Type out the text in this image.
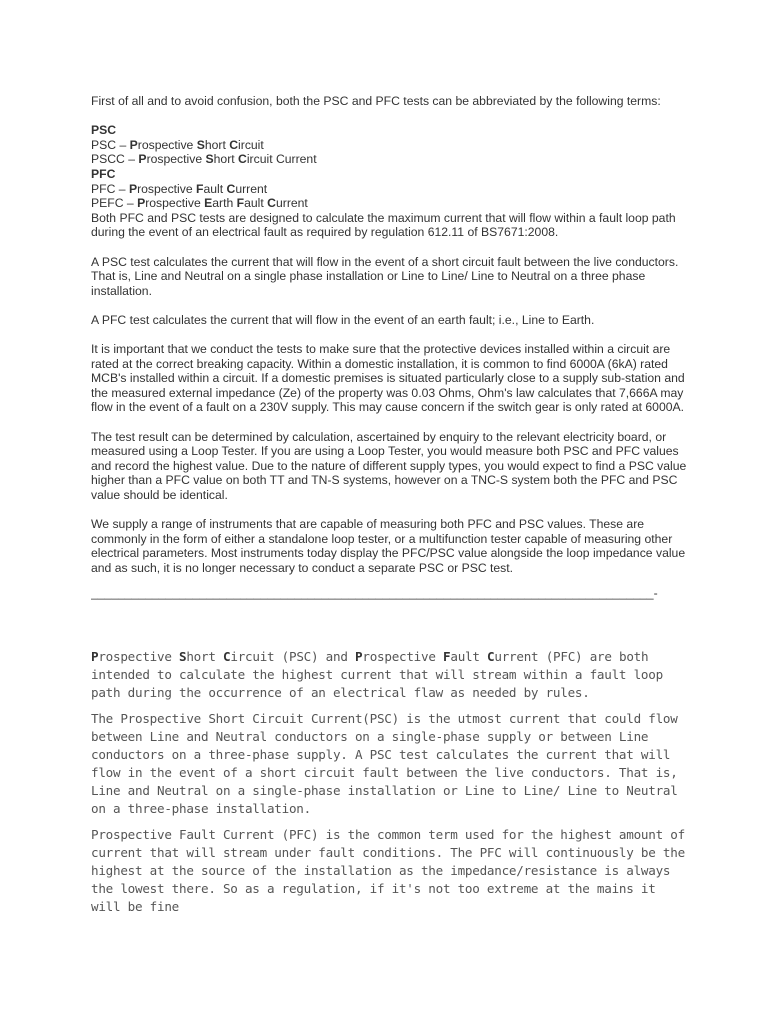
First of all and to avoid confusion, both the PSC and PFC tests can be abbreviated by the following terms:

PSC

PSC – Prospective Short Circuit

PSCC – Prospective Short Circuit Current

PFC

PFC – Prospective Fault Current

PEFC – Prospective Earth Fault Current

Both PFC and PSC tests are designed to calculate the maximum current that will flow within a fault loop path during the event of an electrical fault as required by regulation 612.11 of BS7671:2008.

A PSC test calculates the current that will flow in the event of a short circuit fault between the live conductors. That is, Line and Neutral on a single phase installation or Line to Line/ Line to Neutral on a three phase installation.

A PFC test calculates the current that will flow in the event of an earth fault; i.e., Line to Earth.

It is important that we conduct the tests to make sure that the protective devices installed within a circuit are rated at the correct breaking capacity. Within a domestic installation, it is common to find 6000A (6kA) rated MCB's installed within a circuit. If a domestic premises is situated particularly close to a supply sub-station and the measured external impedance (Ze) of the property was 0.03 Ohms, Ohm's law calculates that 7,666A may flow in the event of a fault on a 230V supply. This may cause concern if the switch gear is only rated at 6000A.

The test result can be determined by calculation, ascertained by enquiry to the relevant electricity board, or measured using a Loop Tester. If you are using a Loop Tester, you would measure both PSC and PFC values and record the highest value. Due to the nature of different supply types, you would expect to find a PSC value higher than a PFC value on both TT and TN-S systems, however on a TNC-S system both the PFC and PSC value should be identical.

We supply a range of instruments that are capable of measuring both PFC and PSC values. These are commonly in the form of either a standalone loop tester, or a multifunction tester capable of measuring other electrical parameters. Most instruments today display the PFC/PSC value alongside the loop impedance value and as such, it is no longer necessary to conduct a separate PSC or PSC test.

___________________________________________________________________________________-

Prospective Short Circuit (PSC) and Prospective Fault Current (PFC) are both intended to calculate the highest current that will stream within a fault loop path during the occurrence of an electrical flaw as needed by rules.

The Prospective Short Circuit Current(PSC) is the utmost current that could flow between Line and Neutral conductors on a single-phase supply or between Line conductors on a three-phase supply. A PSC test calculates the current that will flow in the event of a short circuit fault between the live conductors. That is, Line and Neutral on a single-phase installation or Line to Line/ Line to Neutral on a three-phase installation.

Prospective Fault Current (PFC) is the common term used for the highest amount of current that will stream under fault conditions. The PFC will continuously be the highest at the source of the installation as the impedance/resistance is always the lowest there. So as a regulation, if it's not too extreme at the mains it will be fine
